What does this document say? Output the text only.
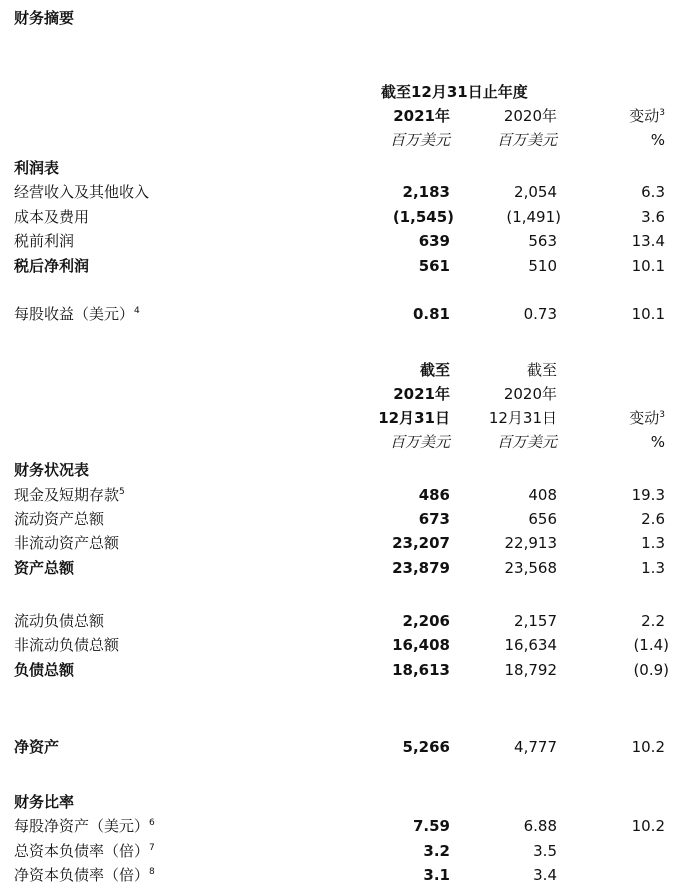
财务摘要
截至12月31日止年度
2021年	2020年	变动$^3$
百万美元	百万美元	%
利润表
经营收入及其他收入	2,183	2,054	6.3
成本及费用	(1,545)	(1,491)	3.6
税前利润	639	563	13.4
税后净利润	561	510	10.1
每股收益（美元）$^4$	0.81	0.73	10.1
截至	截至
2021年	2020年
12月31日	12月31日	变动$^3$
百万美元	百万美元	%
财务状况表
现金及短期存款$^5$	486	408	19.3
流动资产总额	673	656	2.6
非流动资产总额	23,207	22,913	1.3
资产总额	23,879	23,568	1.3
流动负债总额	2,206	2,157	2.2
非流动负债总额	16,408	16,634	(1.4)
负债总额	18,613	18,792	(0.9)
净资产	5,266	4,777	10.2
财务比率
每股净资产（美元）$^6$	7.59	6.88	10.2
总资本负债率（倍）$^7$	3.2	3.5
净资本负债率（倍）$^8$	3.1	3.4
